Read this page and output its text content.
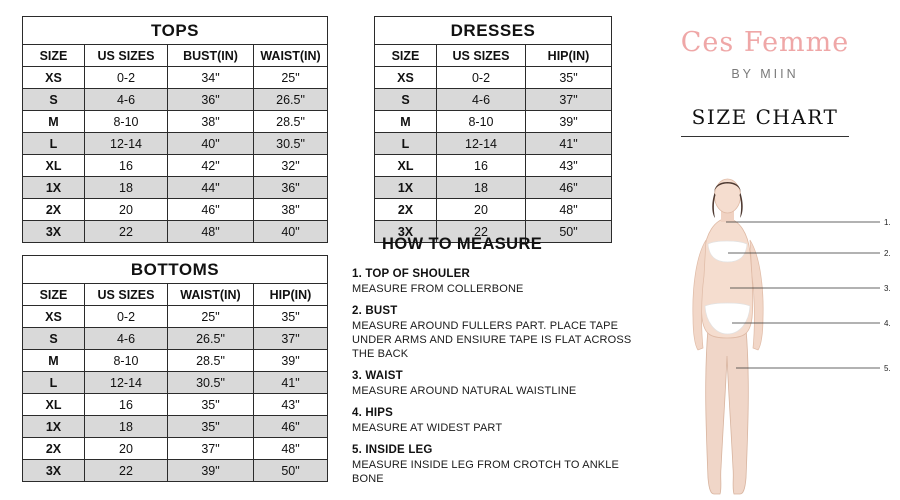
TOPS			
SIZE	US SIZES	BUST(IN)	WAIST(IN)
XS	0-2	34"	25"
S	4-6	36"	26.5"
M	8-10	38"	28.5"
L	12-14	40"	30.5"
XL	16	42"	32"
1X	18	44"	36"
2X	20	46"	38"
3X	22	48"	40"
DRESSES		
SIZE	US SIZES	HIP(IN)
XS	0-2	35"
S	4-6	37"
M	8-10	39"
L	12-14	41"
XL	16	43"
1X	18	46"
2X	20	48"
3X	22	50"
BOTTOMS			
SIZE	US SIZES	WAIST(IN)	HIP(IN)
XS	0-2	25"	35"
S	4-6	26.5"	37"
M	8-10	28.5"	39"
L	12-14	30.5"	41"
XL	16	35"	43"
1X	18	35"	46"
2X	20	37"	48"
3X	22	39"	50"
HOW TO MEASURE
1. TOP OF SHOULER
MEASURE FROM COLLERBONE
2. BUST
MEASURE AROUND FULLERS PART. PLACE TAPE UNDER ARMS AND ENSIURE TAPE IS FLAT ACROSS THE BACK
3. WAIST
MEASURE AROUND NATURAL WAISTLINE
4. HIPS
MEASURE AT WIDEST PART
5. INSIDE LEG
MEASURE INSIDE LEG FROM CROTCH TO ANKLE BONE
Ces Femme
BY MIIN
SIZE CHART
1.
2.
3.
4.
5.
